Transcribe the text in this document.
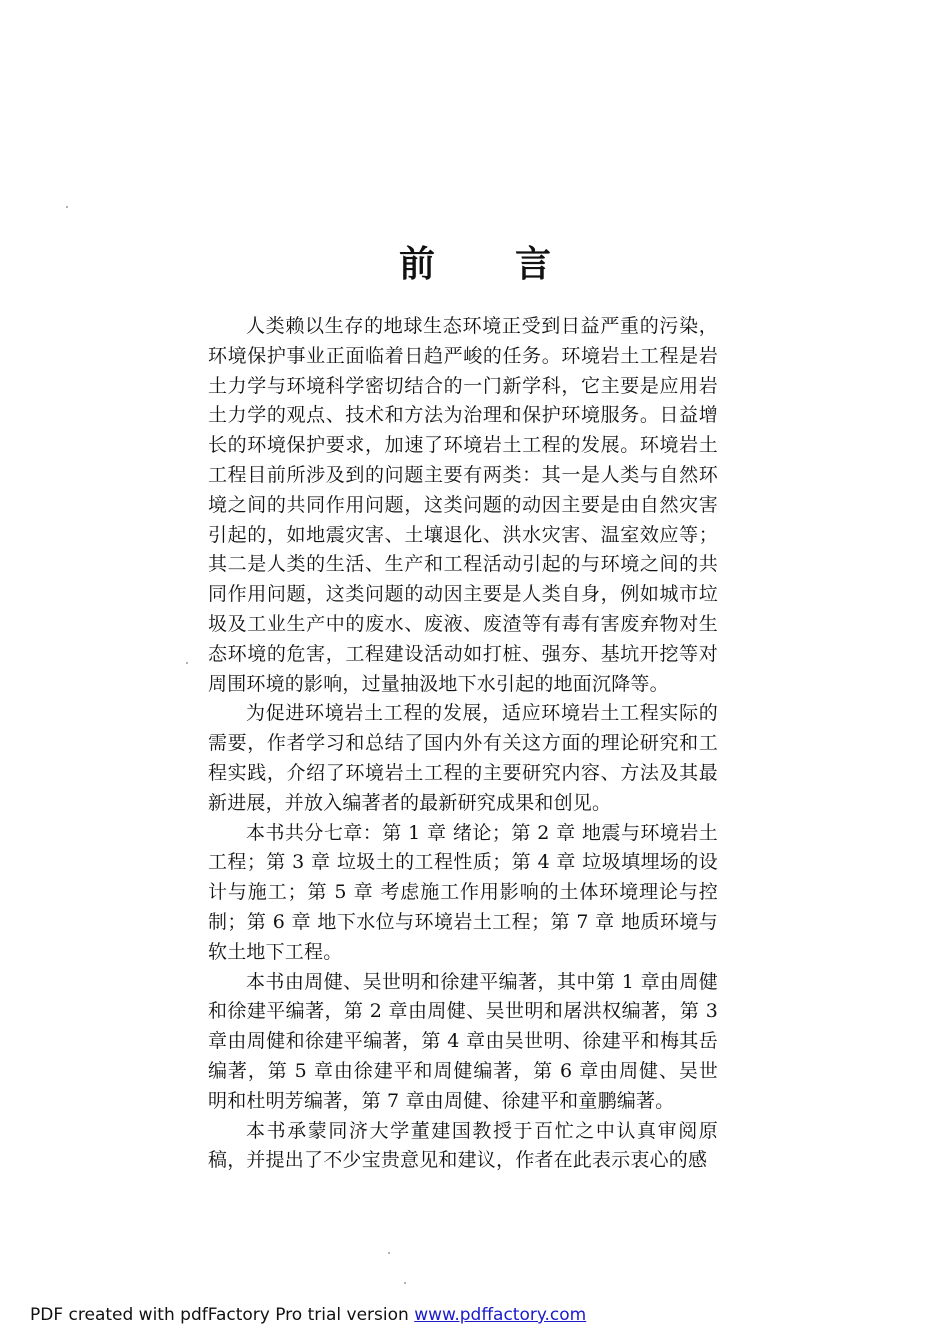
前 言

人类赖以生存的地球生态环境正受到日益严重的污染，环境保护事业正面临着日趋严峻的任务。环境岩土工程是岩土力学与环境科学密切结合的一门新学科，它主要是应用岩土力学的观点、技术和方法为治理和保护环境服务。日益增长的环境保护要求，加速了环境岩土工程的发展。环境岩土工程目前所涉及到的问题主要有两类：其一是人类与自然环境之间的共同作用问题，这类问题的动因主要是由自然灾害引起的，如地震灾害、土壤退化、洪水灾害、温室效应等；其二是人类的生活、生产和工程活动引起的与环境之间的共同作用问题，这类问题的动因主要是人类自身，例如城市垃圾及工业生产中的废水、废液、废渣等有毒有害废弃物对生态环境的危害，工程建设活动如打桩、强夯、基坑开挖等对周围环境的影响，过量抽汲地下水引起的地面沉降等。

为促进环境岩土工程的发展，适应环境岩土工程实际的需要，作者学习和总结了国内外有关这方面的理论研究和工程实践，介绍了环境岩土工程的主要研究内容、方法及其最新进展，并放入编著者的最新研究成果和创见。

本书共分七章：第 1 章 绪论；第 2 章 地震与环境岩土工程；第 3 章 垃圾土的工程性质；第 4 章 垃圾填埋场的设计与施工；第 5 章 考虑施工作用影响的土体环境理论与控制；第 6 章 地下水位与环境岩土工程；第 7 章 地质环境与软土地下工程。

本书由周健、吴世明和徐建平编著，其中第 1 章由周健和徐建平编著，第 2 章由周健、吴世明和屠洪权编著，第 3 章由周健和徐建平编著，第 4 章由吴世明、徐建平和梅其岳编著，第 5 章由徐建平和周健编著，第 6 章由周健、吴世明和杜明芳编著，第 7 章由周健、徐建平和童鹏编著。

本书承蒙同济大学董建国教授于百忙之中认真审阅原稿，并提出了不少宝贵意见和建议，作者在此表示衷心的感

PDF created with pdfFactory Pro trial version www.pdffactory.com
